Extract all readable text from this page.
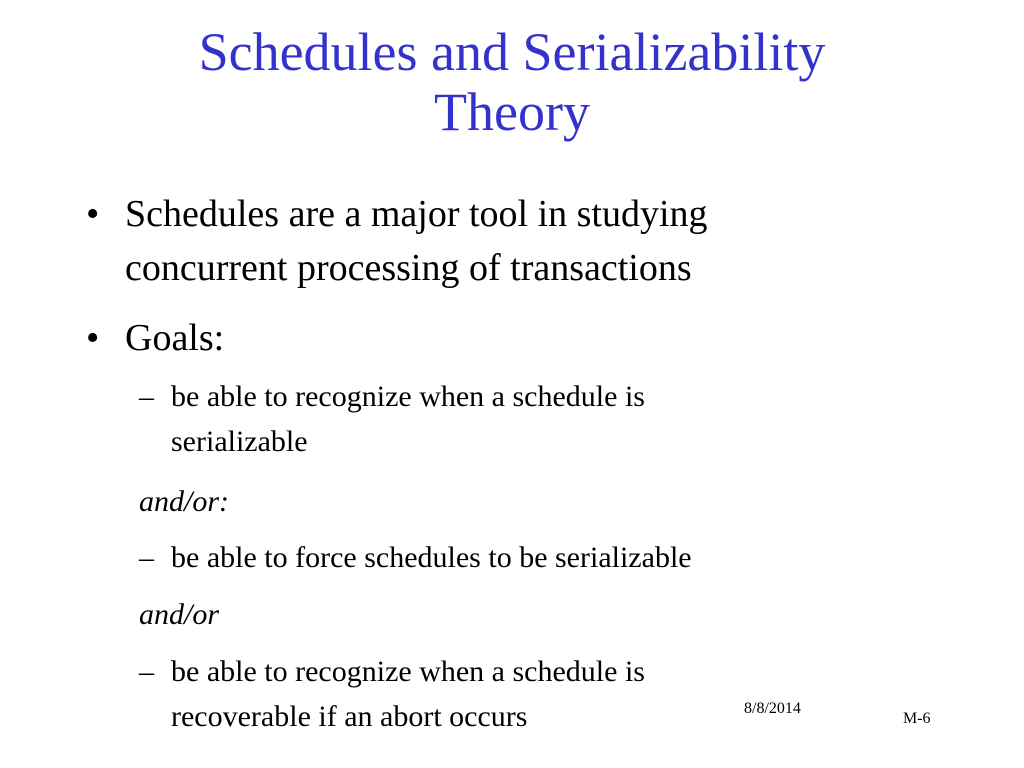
Schedules and Serializability
Theory
• Schedules are a major tool in studying
concurrent processing of transactions
• Goals:
– be able to recognize when a schedule is
serializable
and/or:
– be able to force schedules to be serializable
and/or
– be able to recognize when a schedule is
recoverable if an abort occurs	8/8/2014
M-6
